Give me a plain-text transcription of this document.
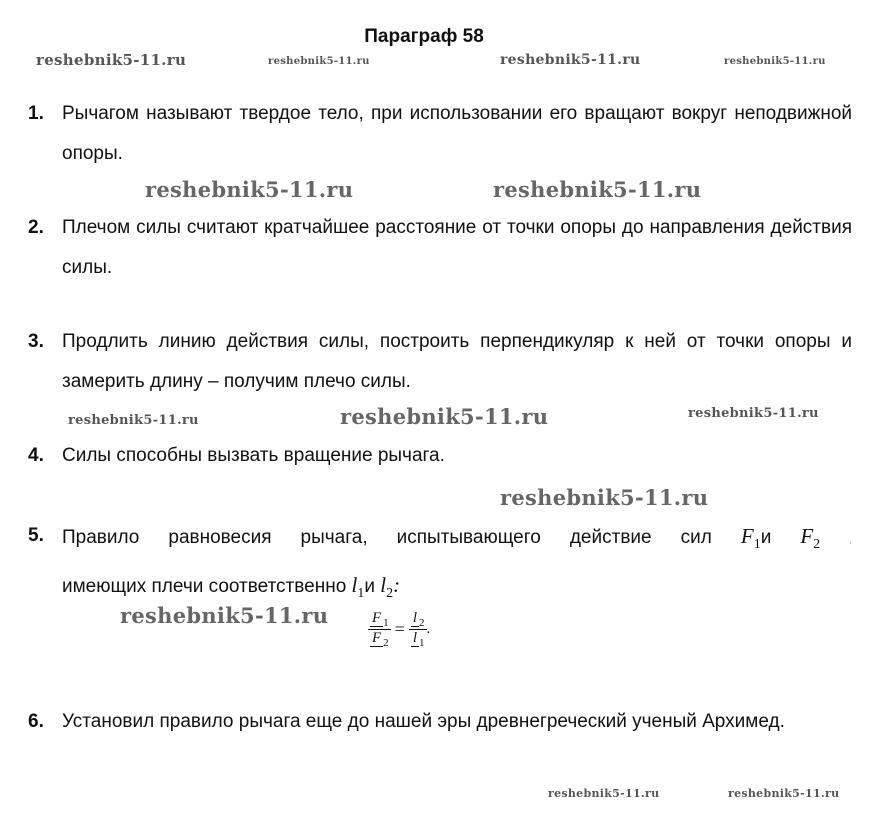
Параграф 58
reshebnik5-11.ru	reshebnik5-11.ru	reshebnik5-11.ru	reshebnik5-11.ru
reshebnik5-11.ru	reshebnik5-11.ru
reshebnik5-11.ru
reshebnik5-11.ru
reshebnik5-11.ru
reshebnik5-11.ru
reshebnik5-11.ru
reshebnik5-11.ru	reshebnik5-11.ru
1. Рычагом называют твердое тело, при использовании его вращают вокруг неподвижной опоры.
2. Плечом силы считают кратчайшее расстояние от точки опоры до направления действия силы.
3. Продлить линию действия силы, построить перпендикуляр к ней от точки опоры и замерить длину – получим плечо силы.
4. Силы способны вызвать вращение рычага.
5. Правило равновесия рычага, испытывающего действие сил $F_1и$ $F_2$	,
имеющих плечи соответственно $l_1и$ $l_2$:
$\frac{F _1}{F _2} = \frac{l _2}{l _1}$ .
6. Установил правило рычага еще до нашей эры древнегреческий ученый Архимед.
